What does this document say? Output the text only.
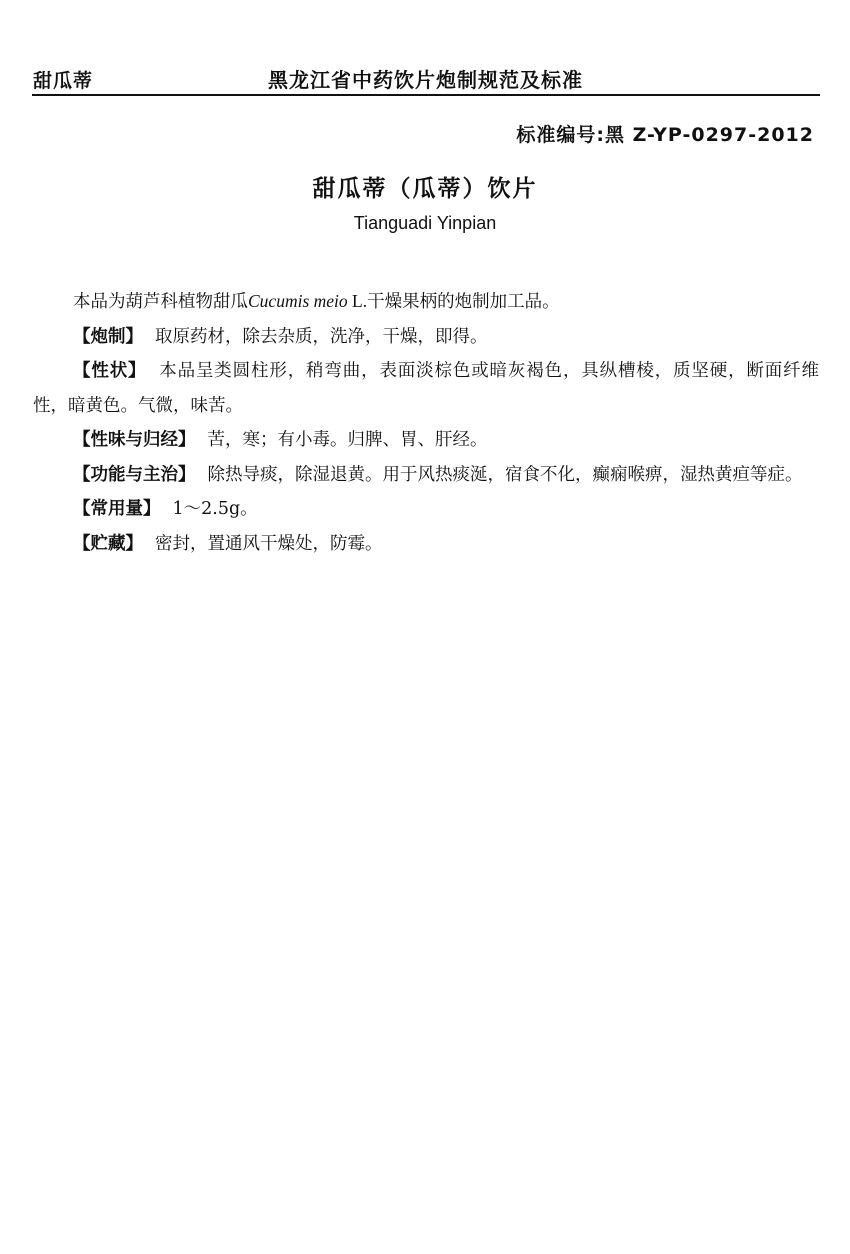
甜瓜蒂	黑龙江省中药饮片炮制规范及标准
标准编号:黑 Z-YP-0297-2012
甜瓜蒂（瓜蒂）饮片
Tianguadi Yinpian

本品为葫芦科植物甜瓜Cucumis meio L.干燥果柄的炮制加工品。

【炮制】 取原药材，除去杂质，洗净，干燥，即得。

【性状】 本品呈类圆柱形，稍弯曲，表面淡棕色或暗灰褐色，具纵槽棱，质坚硬，断面纤维性，暗黄色。气微，味苦。

【性味与归经】 苦，寒；有小毒。归脾、胃、肝经。

【功能与主治】 除热导痰，除湿退黄。用于风热痰涎，宿食不化，癫痫喉痹，湿热黄疸等症。

【常用量】 1～2.5g。

【贮藏】 密封，置通风干燥处，防霉。
